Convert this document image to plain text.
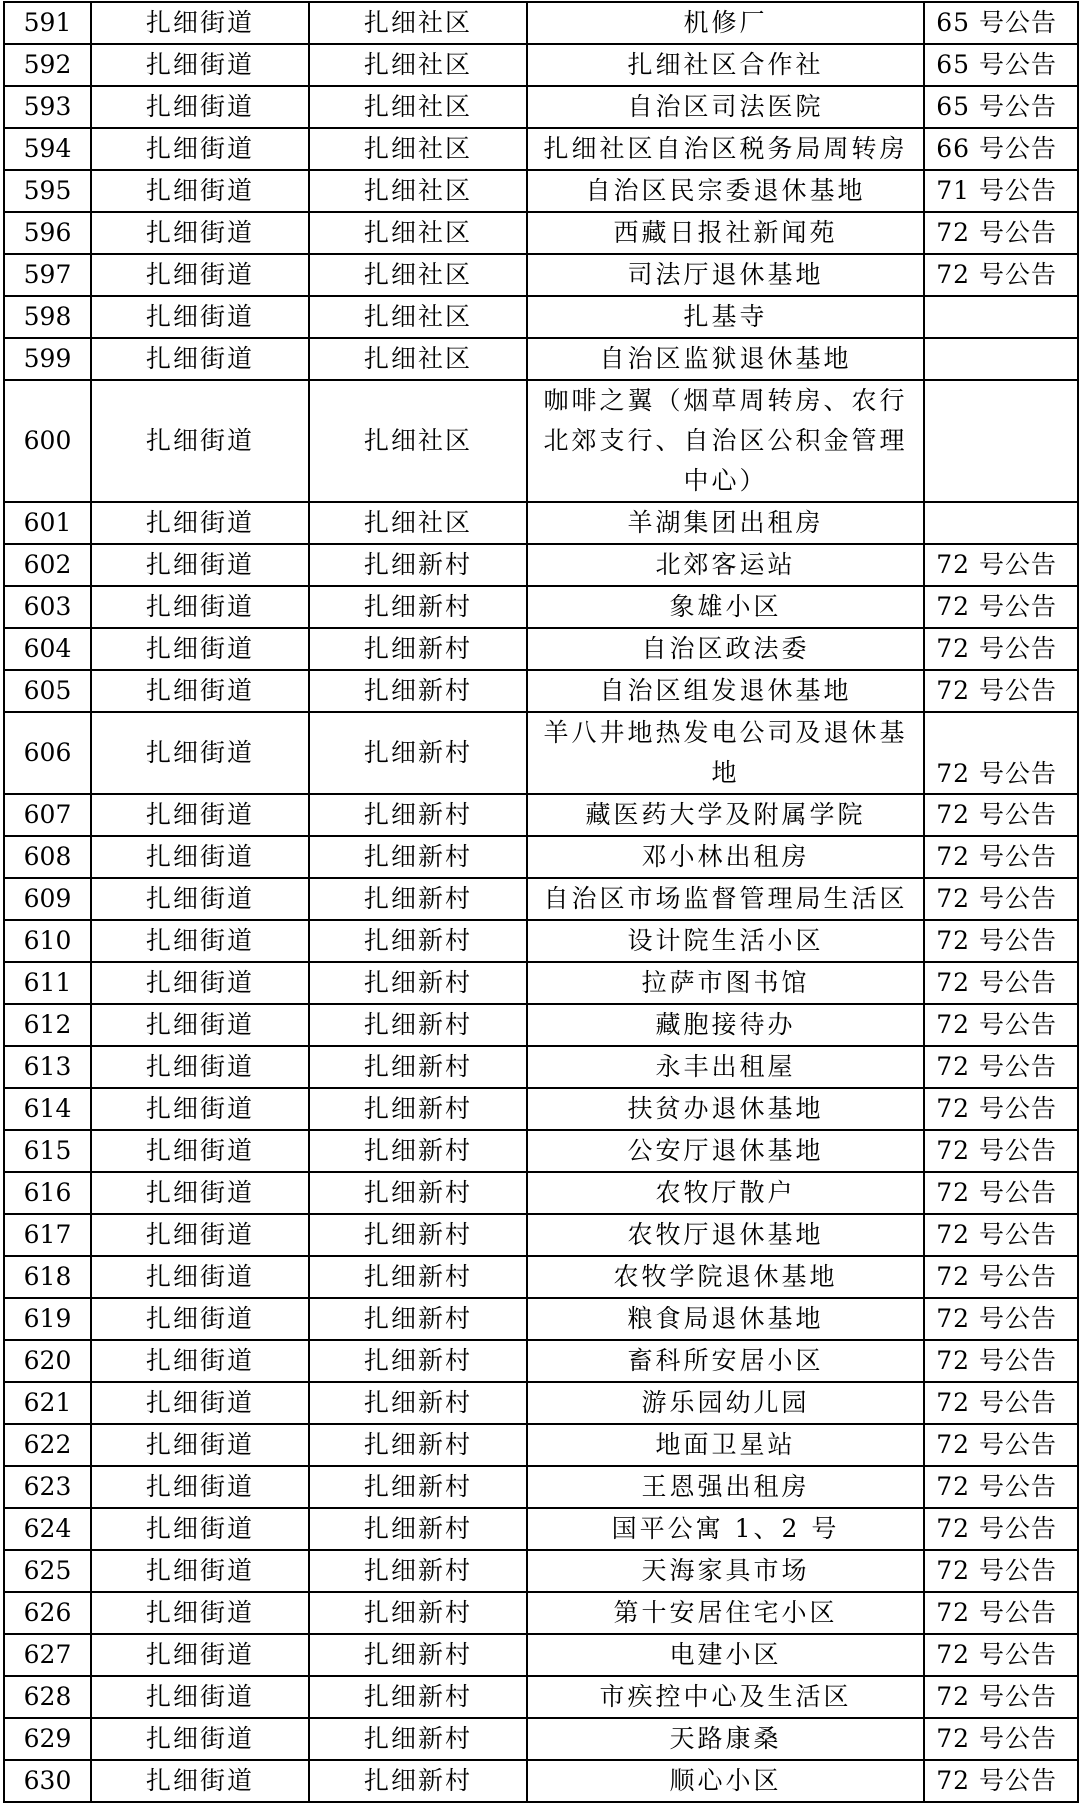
591	扎细街道	扎细社区	机修厂	65 号公告
592	扎细街道	扎细社区	扎细社区合作社	65 号公告
593	扎细街道	扎细社区	自治区司法医院	65 号公告
594	扎细街道	扎细社区	扎细社区自治区税务局周转房	66 号公告
595	扎细街道	扎细社区	自治区民宗委退休基地	71 号公告
596	扎细街道	扎细社区	西藏日报社新闻苑	72 号公告
597	扎细街道	扎细社区	司法厅退休基地	72 号公告
598	扎细街道	扎细社区	扎基寺	
599	扎细街道	扎细社区	自治区监狱退休基地	
600	扎细街道	扎细社区	咖啡之翼（烟草周转房、农行北郊支行、自治区公积金管理中心）	
601	扎细街道	扎细社区	羊湖集团出租房	
602	扎细街道	扎细新村	北郊客运站	72 号公告
603	扎细街道	扎细新村	象雄小区	72 号公告
604	扎细街道	扎细新村	自治区政法委	72 号公告
605	扎细街道	扎细新村	自治区组发退休基地	72 号公告
606	扎细街道	扎细新村	羊八井地热发电公司及退休基地	72 号公告
607	扎细街道	扎细新村	藏医药大学及附属学院	72 号公告
608	扎细街道	扎细新村	邓小林出租房	72 号公告
609	扎细街道	扎细新村	自治区市场监督管理局生活区	72 号公告
610	扎细街道	扎细新村	设计院生活小区	72 号公告
611	扎细街道	扎细新村	拉萨市图书馆	72 号公告
612	扎细街道	扎细新村	藏胞接待办	72 号公告
613	扎细街道	扎细新村	永丰出租屋	72 号公告
614	扎细街道	扎细新村	扶贫办退休基地	72 号公告
615	扎细街道	扎细新村	公安厅退休基地	72 号公告
616	扎细街道	扎细新村	农牧厅散户	72 号公告
617	扎细街道	扎细新村	农牧厅退休基地	72 号公告
618	扎细街道	扎细新村	农牧学院退休基地	72 号公告
619	扎细街道	扎细新村	粮食局退休基地	72 号公告
620	扎细街道	扎细新村	畜科所安居小区	72 号公告
621	扎细街道	扎细新村	游乐园幼儿园	72 号公告
622	扎细街道	扎细新村	地面卫星站	72 号公告
623	扎细街道	扎细新村	王恩强出租房	72 号公告
624	扎细街道	扎细新村	国平公寓 1、2 号	72 号公告
625	扎细街道	扎细新村	天海家具市场	72 号公告
626	扎细街道	扎细新村	第十安居住宅小区	72 号公告
627	扎细街道	扎细新村	电建小区	72 号公告
628	扎细街道	扎细新村	市疾控中心及生活区	72 号公告
629	扎细街道	扎细新村	天路康桑	72 号公告
630	扎细街道	扎细新村	顺心小区	72 号公告
